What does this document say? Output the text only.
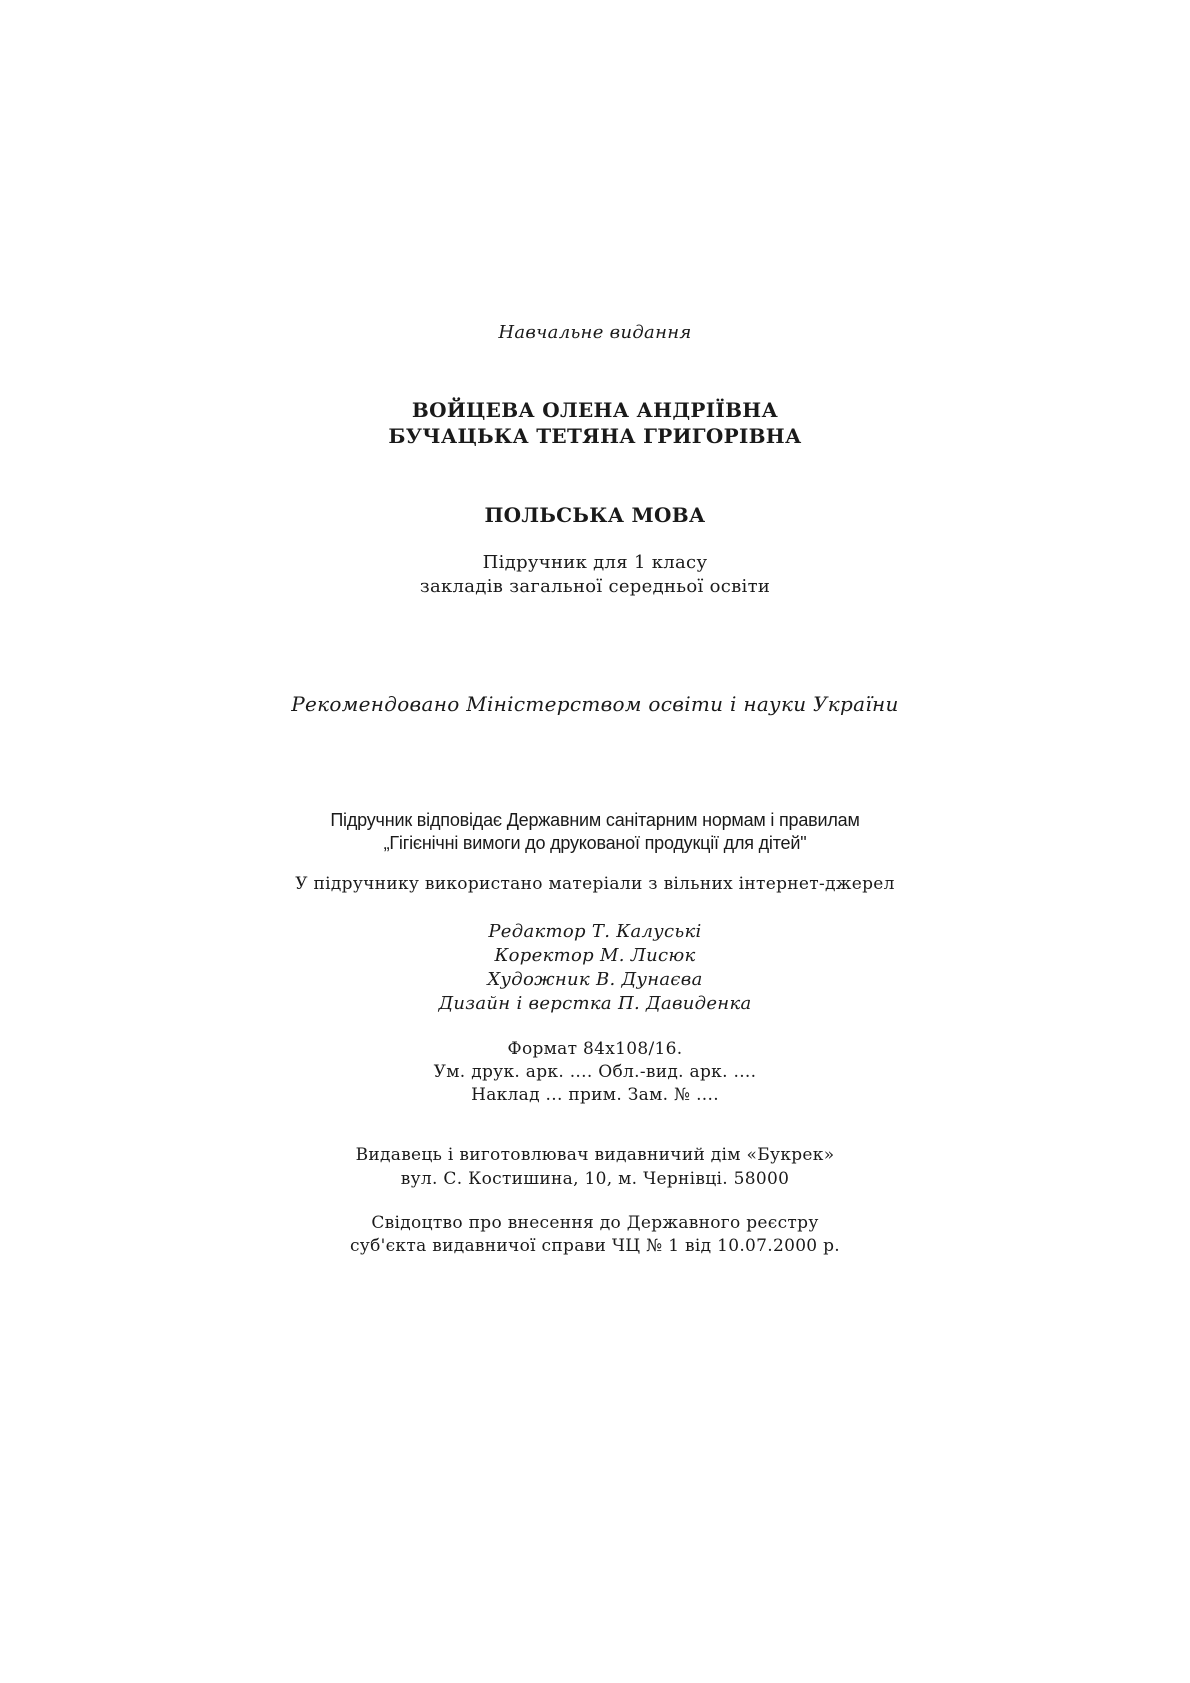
Навчальне видання
ВОЙЦЕВА ОЛЕНА АНДРІЇВНА
БУЧАЦЬКА ТЕТЯНА ГРИГОРІВНА
ПОЛЬСЬКА МОВА
Підручник для 1 класу
закладів загальної середньої освіти
Рекомендовано Міністерством освіти і науки України
Підручник відповідає Державним санітарним нормам і правилам
„Гігієнічні вимоги до друкованої продукції для дітей"
У підручнику використано матеріали з вільних інтернет-джерел
Редактор Т. Калуські
Коректор М. Лисюк
Художник В. Дунаєва
Дизайн і верстка П. Давиденка
Формат 84x108/16.
Ум. друк. арк. .... Обл.-вид. арк. ....
Наклад ... прим. Зам. № ....
Видавець і виготовлювач видавничий дім «Букрек»
вул. С. Костишина, 10, м. Чернівці. 58000
Свідоцтво про внесення до Державного реєстру
суб'єкта видавничої справи ЧЦ № 1 від 10.07.2000 р.
